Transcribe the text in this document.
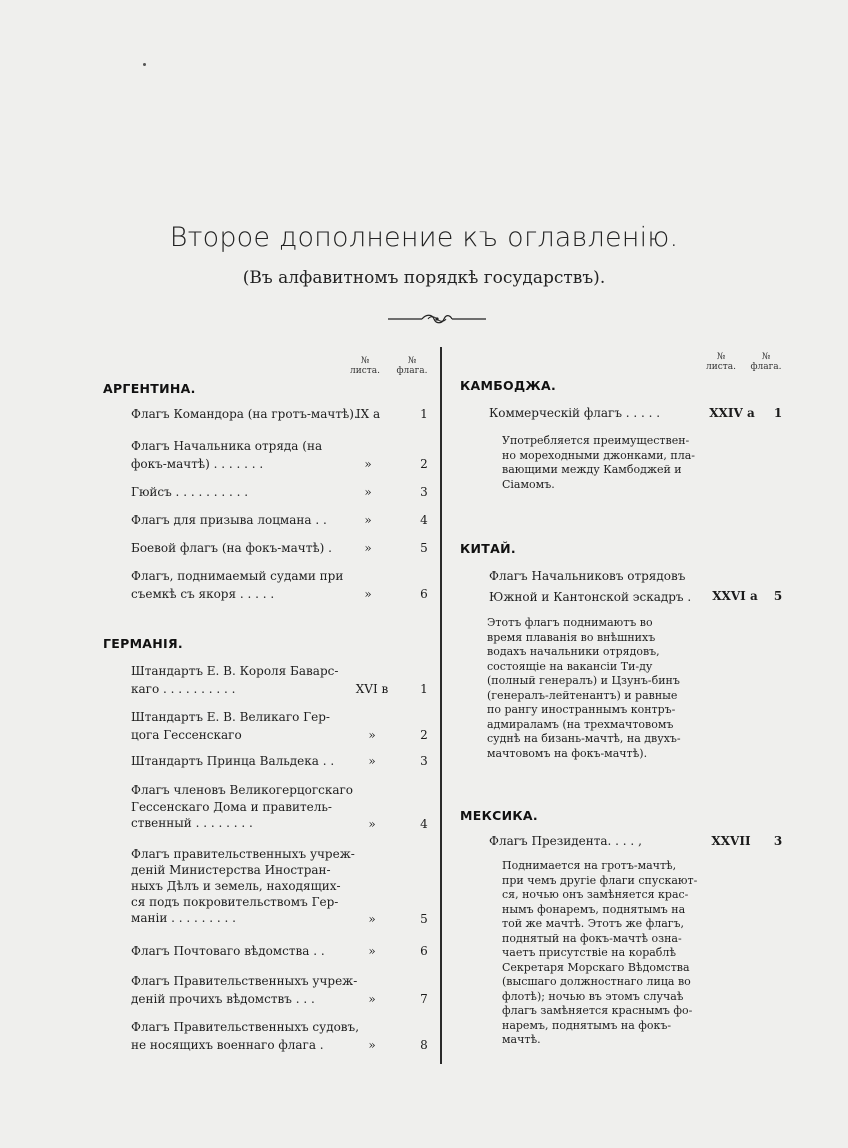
Второе дополнение къ оглавленію.
(Въ алфавитномъ порядкѣ государствъ).
№
листа.
№
флага.
АРГЕНТИНА.
Флагъ Командора (на гротъ-мачтѣ).
IX a	1
Флагъ Начальника отряда (на
фокъ-мачтѣ) . . . . . . .	»	2
Гюйсъ . . . . . . . . . .	»	3
Флагъ для призыва лоцмана . .	»	4
Боевой флагъ (на фокъ-мачтѣ) .	»	5
Флагъ, поднимаемый судами при
съемкѣ съ якоря . . . . .	»	6
Штандартъ Е. В. Короля Баварс-
каго . . . . . . . . . .	XVI в	1
Штандартъ Е. В. Великаго Гер-
цога Гессенскаго	»	2
Штандартъ Принца Вальдека . .	»	3
Флагъ членовъ Великогерцогскаго
Гессенскаго Дома и правитель-
ственный . . . . . . . .	»	4
Флагъ правительственныхъ учреж-
деній Министерства Иностран-
ныхъ Дѣлъ и земель, находящих-
ся подъ покровительствомъ Гер-
маніи . . . . . . . . .	»	5
Флагъ Почтоваго вѣдомства . .	»	6
Флагъ Правительственныхъ учреж-
деній прочихъ вѣдомствъ . . .	»	7
Флагъ Правительственныхъ судовъ,
не носящихъ военнаго флага .	»	8
ГЕРМАНІЯ.
№
листа.
№
флага.
КАМБОДЖА.
КИТАЙ.
МЕКСИКА.
Коммерческій флагъ . . . . .	XXIV a	1
Употребляется преимуществен-
но мореходными джонками, пла-
вающими между Камбоджей и
Сіамомъ.
Флагъ Начальниковъ отрядовъ
Южной и Кантонской эскадръ .	XXVI a	5
Этотъ флагъ поднимаютъ во
время плаванія во внѣшнихъ
водахъ начальники отрядовъ,
состоящіе на вакансіи Ти-ду
(полный генералъ) и Цзунъ-бинъ
(генералъ-лейтенантъ) и равные
по рангу иностраннымъ контръ-
адмираламъ (на трехмачтовомъ
суднѣ на бизань-мачтѣ, на двухъ-
мачтовомъ на фокъ-мачтѣ).
Флагъ Президента. . . . ,	XXVII	3
Поднимается на гротъ-мачтѣ,
при чемъ другіе флаги спускают-
ся, ночью онъ замѣняется крас-
нымъ фонаремъ, поднятымъ на
той же мачтѣ. Этотъ же флагъ,
поднятый на фокъ-мачтѣ озна-
чаетъ присутствіе на кораблѣ
Секретаря Морскаго Вѣдомства
(высшаго должностнаго лица во
флотѣ); ночью въ этомъ случаѣ
флагъ замѣняется краснымъ фо-
наремъ, поднятымъ на фокъ-
мачтѣ.
